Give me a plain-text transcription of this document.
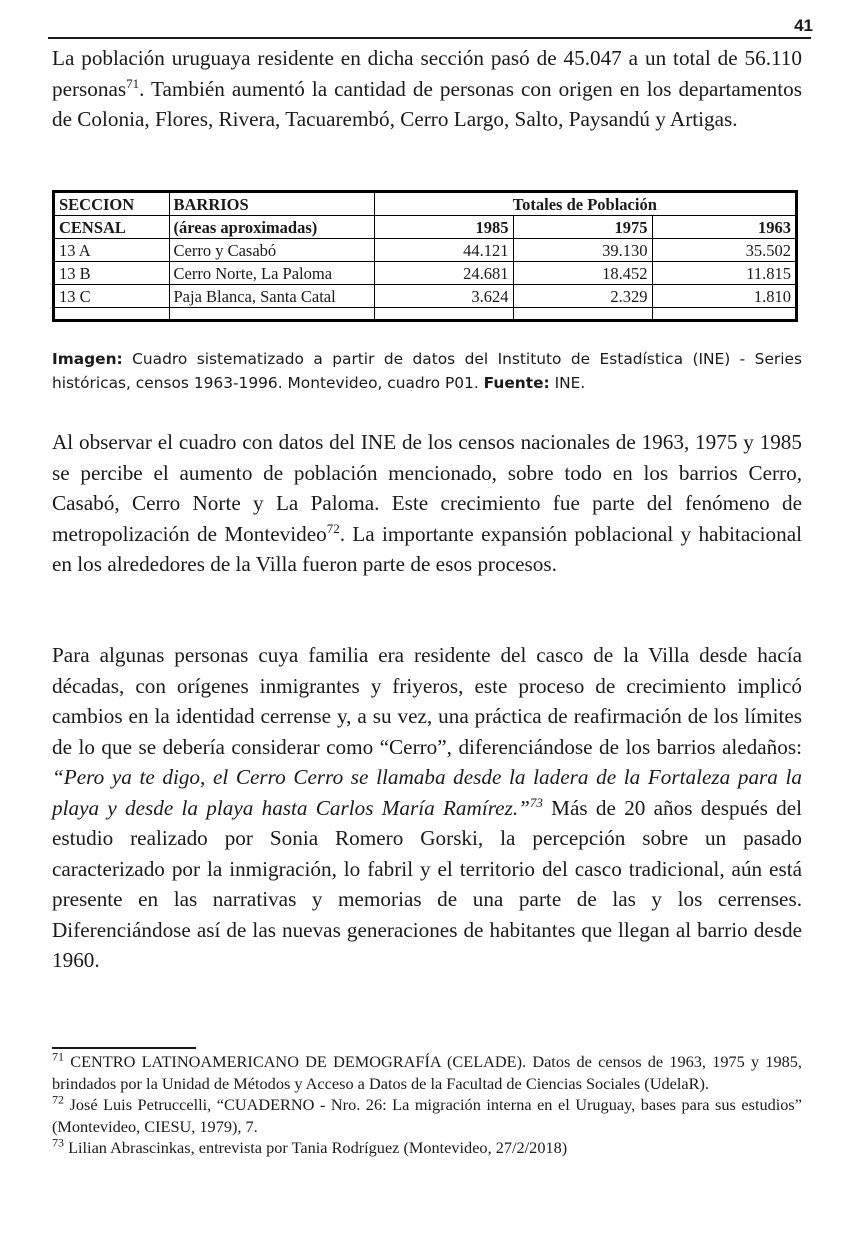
41

La población uruguaya residente en dicha sección pasó de 45.047 a un total de 56.110 personas$^{71}$. También aumentó la cantidad de personas con origen en los departamentos de Colonia, Flores, Rivera, Tacuarembó, Cerro Largo, Salto, Paysandú y Artigas.

SECCION	BARRIOS	Totales de Población		
CENSAL	(áreas aproximadas)	1985	1975	1963
13 A	Cerro y Casabó	44.121	39.130	35.502
13 B	Cerro Norte, La Paloma	24.681	18.452	11.815
13 C	Paja Blanca, Santa Catal	3.624	2.329	1.810

Imagen: Cuadro sistematizado a partir de datos del Instituto de Estadística (INE) - Series históricas, censos 1963-1996. Montevideo, cuadro P01. Fuente: INE.

Al observar el cuadro con datos del INE de los censos nacionales de 1963, 1975 y 1985 se percibe el aumento de población mencionado, sobre todo en los barrios Cerro, Casabó, Cerro Norte y La Paloma. Este crecimiento fue parte del fenómeno de metropolización de Montevideo$^{72}$. La importante expansión poblacional y habitacional en los alrededores de la Villa fueron parte de esos procesos.

Para algunas personas cuya familia era residente del casco de la Villa desde hacía décadas, con orígenes inmigrantes y friyeros, este proceso de crecimiento implicó cambios en la identidad cerrense y, a su vez, una práctica de reafirmación de los límites de lo que se debería considerar como “Cerro”, diferenciándose de los barrios aledaños: “Pero ya te digo, el Cerro Cerro se llamaba desde la ladera de la Fortaleza para la playa y desde la playa hasta Carlos María Ramírez.”$^{73}$ Más de 20 años después del estudio realizado por Sonia Romero Gorski, la percepción sobre un pasado caracterizado por la inmigración, lo fabril y el territorio del casco tradicional, aún está presente en las narrativas y memorias de una parte de las y los cerrenses. Diferenciándose así de las nuevas generaciones de habitantes que llegan al barrio desde 1960.

$^{71}$ CENTRO LATINOAMERICANO DE DEMOGRAFÍA (CELADE). Datos de censos de 1963, 1975 y 1985, brindados por la Unidad de Métodos y Acceso a Datos de la Facultad de Ciencias Sociales (UdelaR).

$^{72}$ José Luis Petruccelli, “CUADERNO - Nro. 26: La migración interna en el Uruguay, bases para sus estudios” (Montevideo, CIESU, 1979), 7.

$^{73}$ Lilian Abrascinkas, entrevista por Tania Rodríguez (Montevideo, 27/2/2018)
